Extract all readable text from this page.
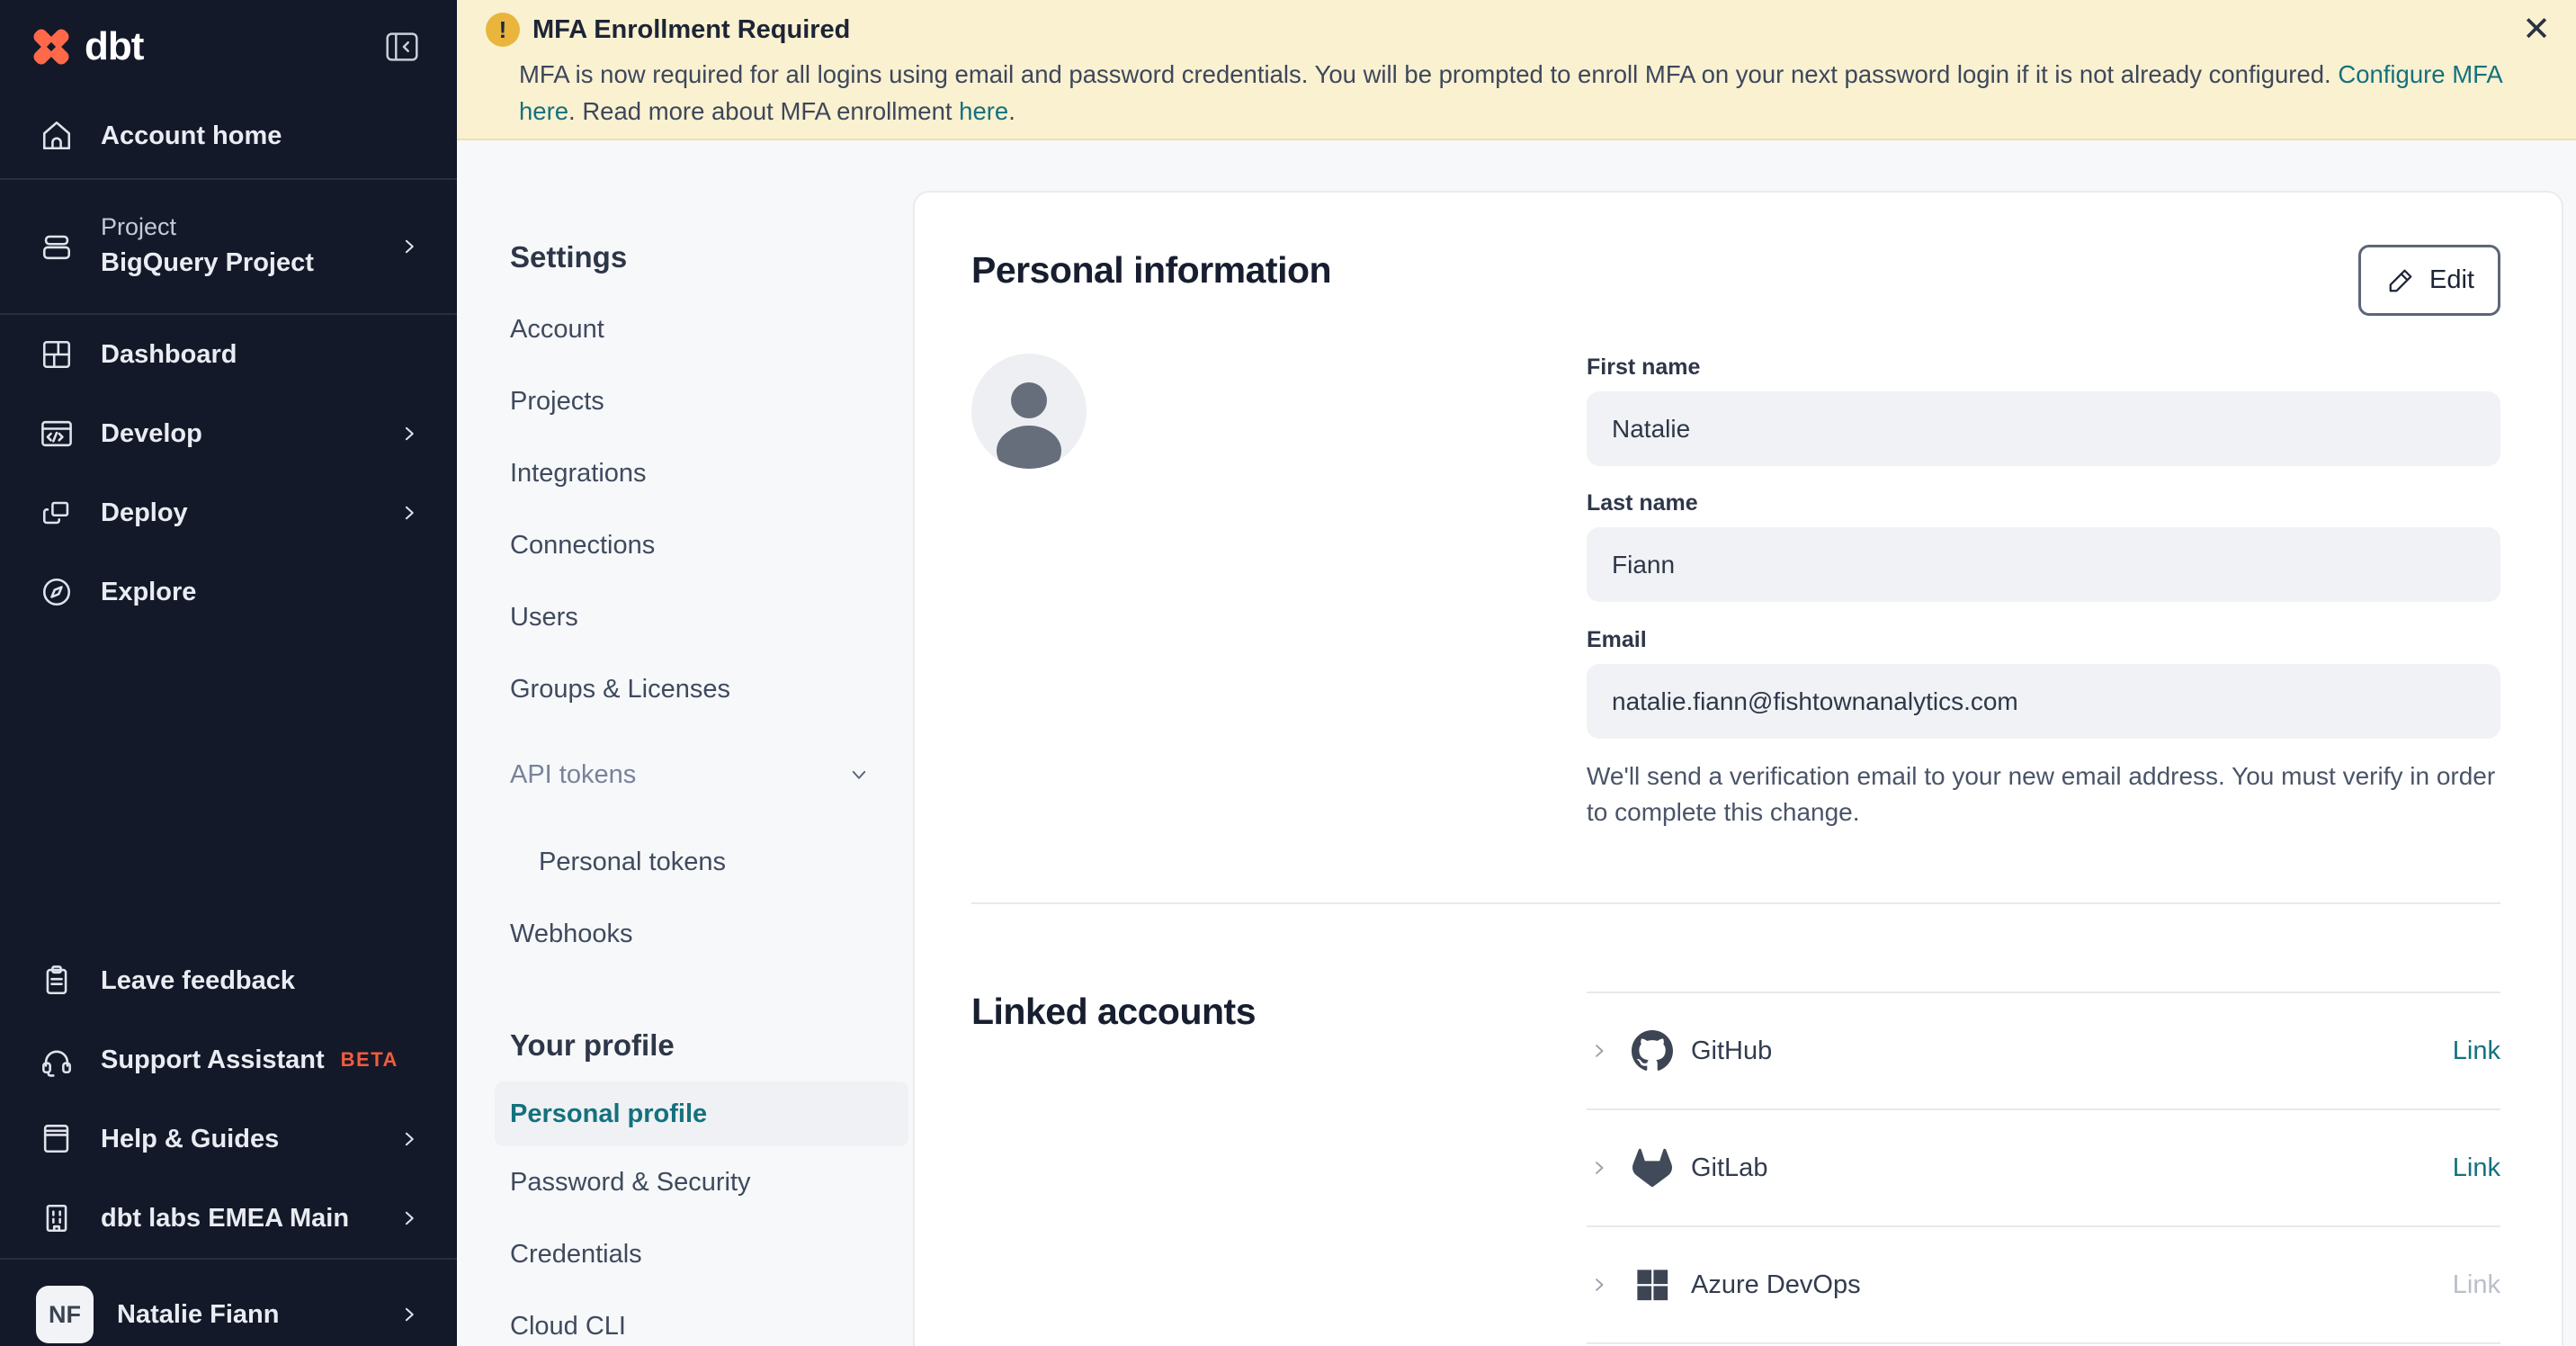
dbt
Account home
Project
BigQuery Project
Dashboard
Develop
Deploy
Explore
Leave feedback
Support Assistant BETA
Help & Guides
dbt labs EMEA Main
NF	Natalie Fiann
! MFA Enrollment Required
MFA is now required for all logins using email and password credentials. You will be prompted to enroll MFA on your next password login if it is not already configured. Configure MFA here. Read more about MFA enrollment here.
✕
Settings
Account
Projects
Integrations
Connections
Users
Groups & Licenses
API tokens
Personal tokens
Webhooks
Your profile
Personal profile
Password & Security
Credentials
Cloud CLI
Personal information	Edit
First name
Natalie
Last name
Fiann
Email
natalie.fiann@fishtownanalytics.com
We'll send a verification email to your new email address. You must verify in order to complete this change.
Linked accounts
GitHub	Link
GitLab	Link
Azure DevOps	Link
